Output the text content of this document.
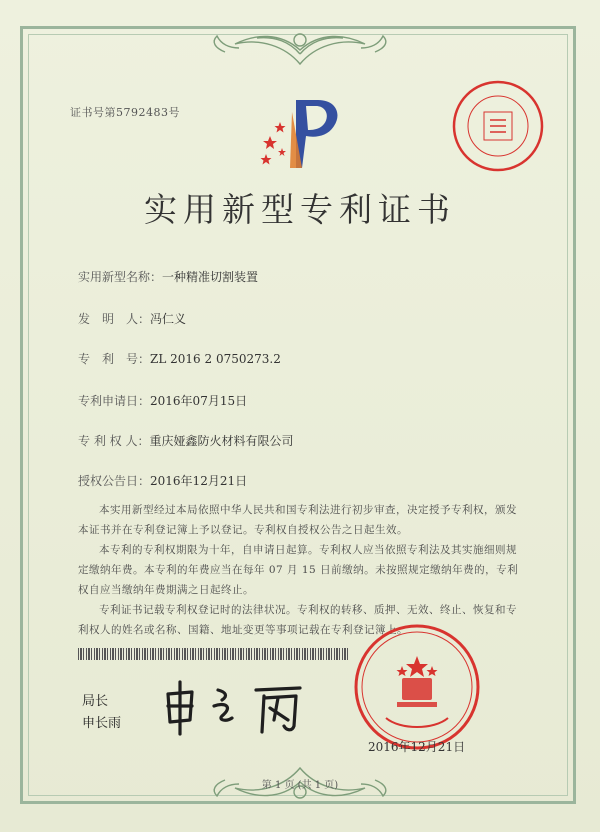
证书号第5792483号
实用新型专利证书
实用新型名称：一种精准切割装置
发　明　人：冯仁义
专　利　号：ZL 2016 2 0750273.2
专利申请日：2016年07月15日
专 利 权 人：重庆娅鑫防火材料有限公司
授权公告日：2016年12月21日
本实用新型经过本局依照中华人民共和国专利法进行初步审查，决定授予专利权，颁发本证书并在专利登记簿上予以登记。专利权自授权公告之日起生效。
本专利的专利权期限为十年，自申请日起算。专利权人应当依照专利法及其实施细则规定缴纳年费。本专利的年费应当在每年 07 月 15 日前缴纳。未按照规定缴纳年费的，专利权自应当缴纳年费期满之日起终止。
专利证书记载专利权登记时的法律状况。专利权的转移、质押、无效、终止、恢复和专利权人的姓名或名称、国籍、地址变更等事项记载在专利登记簿上。
局长
申长雨
2016年12月21日
第 1 页 (共 1 页)
